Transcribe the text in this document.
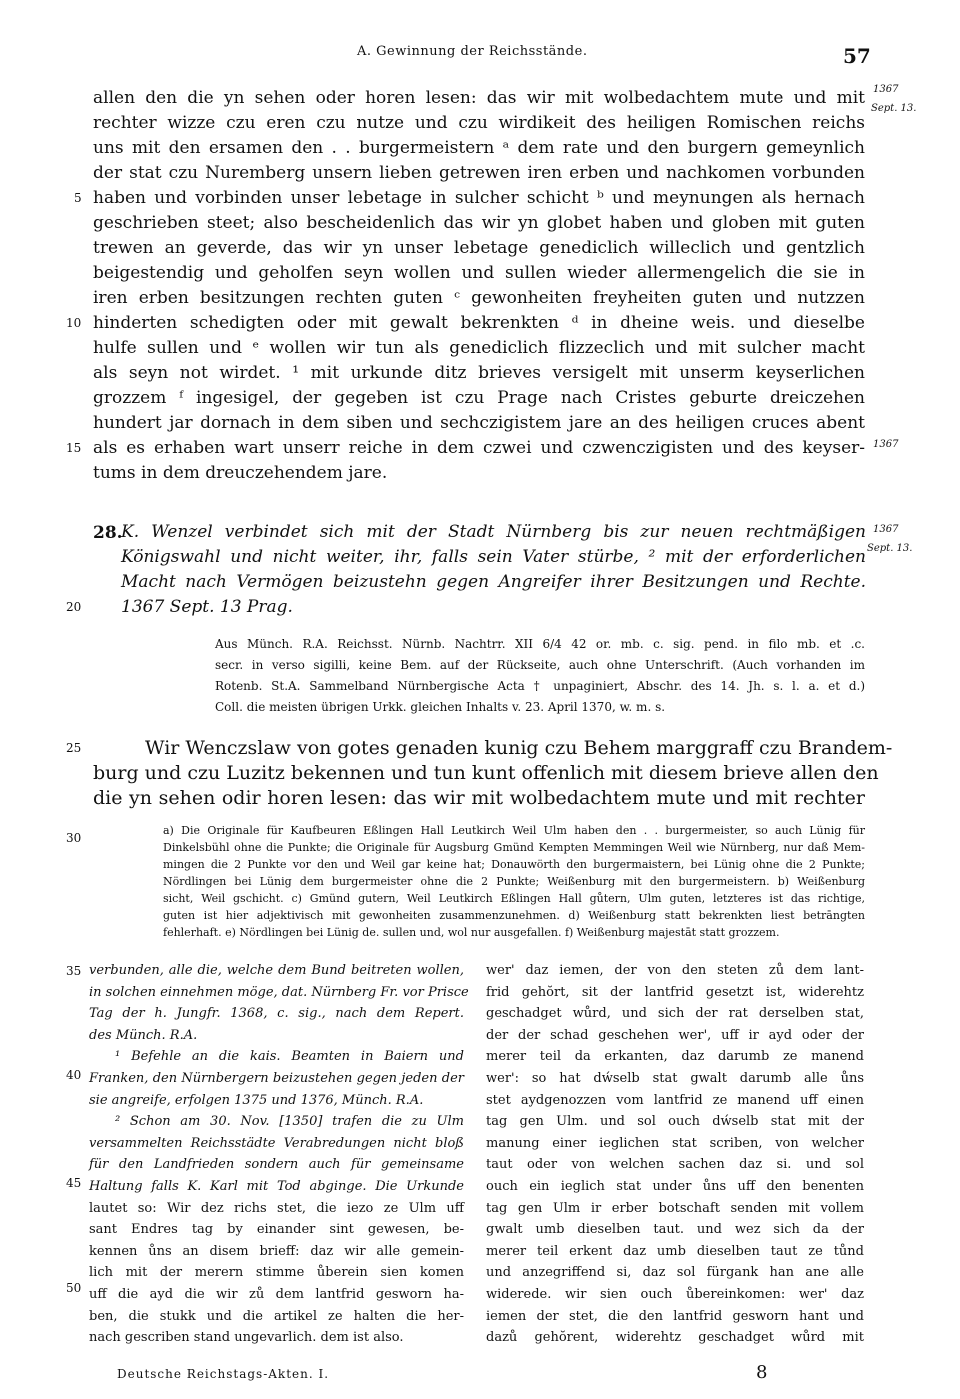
A. Gewinnung der Reichsstände.	57
allen den die yn sehen oder horen lesen: das wir mit wolbedachtem mute und mit
rechter wizze czu eren czu nutze und czu wirdikeit des heiligen Romischen reichs
uns mit den ersamen den . . burgermeistern ᵃ dem rate und den burgern gemeynlich
der stat czu Nuremberg unsern lieben getrewen iren erben und nachkomen vorbunden
haben und vorbinden unser lebetage in sulcher schicht ᵇ und meynungen als hernach
geschrieben steet; also bescheidenlich das wir yn globet haben und globen mit guten
trewen an geverde, das wir yn unser lebetage genediclich willeclich und gentzlich
beigestendig und geholfen seyn wollen und sullen wieder allermengelich die sie in
iren erben besitzungen rechten guten ᶜ gewonheiten freyheiten guten und nutzzen
hinderten schedigten oder mit gewalt bekrenkten ᵈ in dheine weis. und dieselbe
hulfe sullen und ᵉ wollen wir tun als genediclich flizzeclich und mit sulcher macht
als seyn not wirdet. ¹ mit urkunde ditz brieves versigelt mit unserm keyserlichen
grozzem ᶠ ingesigel, der gegeben ist czu Prage nach Cristes geburte dreiczehen
hundert jar dornach in dem siben und sechczigistem jare an des heiligen cruces abent
als es erhaben wart unserr reiche in dem czwei und czwenczigisten und des keyser-
tums in dem dreuczehendem jare.
5
10
15
20
25
30
35
40
45
50
1367
Sept. 13.
1367
1367
Sept. 13.
28.
K. Wenzel verbindet sich mit der Stadt Nürnberg bis zur neuen rechtmäßigen
Königswahl und nicht weiter, ihr, falls sein Vater stürbe, ² mit der erforderlichen
Macht nach Vermögen beizustehn gegen Angreifer ihrer Besitzungen und Rechte.
1367 Sept. 13 Prag.
Aus Münch. R.A. Reichsst. Nürnb. Nachtrr. XII 6/4 42 or. mb. c. sig. pend. in filo mb. et .c.
secr. in verso sigilli, keine Bem. auf der Rückseite, auch ohne Unterschrift. (Auch vorhanden im
Rotenb. St.A. Sammelband Nürnbergische Acta † unpaginiert, Abschr. des 14. Jh. s. l. a. et d.)
Coll. die meisten übrigen Urkk. gleichen Inhalts v. 23. April 1370, w. m. s.
Wir Wenczslaw von gotes genaden kunig czu Behem marggraff czu Brandem-
burg und czu Luzitz bekennen und tun kunt offenlich mit diesem brieve allen den
die yn sehen odir horen lesen: das wir mit wolbedachtem mute und mit rechter
a) Die Originale für Kaufbeuren Eßlingen Hall Leutkirch Weil Ulm haben den . . burgermeister, so auch Lünig für
Dinkelsbühl ohne die Punkte; die Originale für Augsburg Gmünd Kempten Memmingen Weil wie Nürnberg, nur daß Mem-
mingen die 2 Punkte vor den und Weil gar keine hat; Donauwörth den burgermaistern, bei Lünig ohne die 2 Punkte;
Nördlingen bei Lünig dem burgermeister ohne die 2 Punkte; Weißenburg mit den burgermeistern. b) Weißenburg
sicht, Weil gschicht. c) Gmünd gutern, Weil Leutkirch Eßlingen Hall gůtern, Ulm guten, letzteres ist das richtige,
guten ist hier adjektivisch mit gewonheiten zusammenzunehmen. d) Weißenburg statt bekrenkten liest betrāngten
fehlerhaft. e) Nördlingen bei Lünig de. sullen und, wol nur ausgefallen. f) Weißenburg majestāt statt grozzem.
verbunden, alle die, welche dem Bund beitreten wollen,
in solchen einnehmen möge, dat. Nürnberg Fr. vor Prisce
Tag der h. Jungfr. 1368, c. sig., nach dem Repert.
des Münch. R.A.
¹ Befehle an die kais. Beamten in Baiern und
Franken, den Nürnbergern beizustehen gegen jeden der
sie angreife, erfolgen 1375 und 1376, Münch. R.A.
² Schon am 30. Nov. [1350] trafen die zu Ulm
versammelten Reichsstädte Verabredungen nicht bloß
für den Landfrieden sondern auch für gemeinsame
Haltung falls K. Karl mit Tod abginge. Die Urkunde
lautet so: Wir dez richs stet, die iezo ze Ulm uff
sant Endres tag by einander sint gewesen, be-
kennen ůns an disem brieff: daz wir alle gemein-
lich mit der merern stimme ůberein sien komen
uff die ayd die wir zů dem lantfrid gesworn ha-
ben, die stukk und die artikel ze halten die her-
nach gescriben stand ungevarlich. dem ist also.
wer' daz iemen, der von den steten zů dem lant-
frid gehŏrt, sit der lantfrid gesetzt ist, widerehtz
geschadget wůrd, und sich der rat derselben stat,
der der schad geschehen wer', uff ir ayd oder der
merer teil da erkanten, daz darumb ze manend
wer': so hat dẃselb stat gwalt darumb alle ůns
stet aydgenozzen vom lantfrid ze manend uff einen
tag gen Ulm. und sol ouch dẃselb stat mit der
manung einer ieglichen stat scriben, von welcher
taut oder von welchen sachen daz si. und sol
ouch ein ieglich stat under ůns uff den benenten
tag gen Ulm ir erber botschaft senden mit vollem
gwalt umb dieselben taut. und wez sich da der
merer teil erkent daz umb dieselben taut ze tůnd
und anzegriffend si, daz sol fürgank han ane alle
widerede. wir sien ouch ůbereinkomen: wer' daz
iemen der stet, die den lantfrid gesworn hant und
dazů gehŏrent, widerehtz geschadget wůrd mit
Deutsche Reichstags-Akten. I.	8
